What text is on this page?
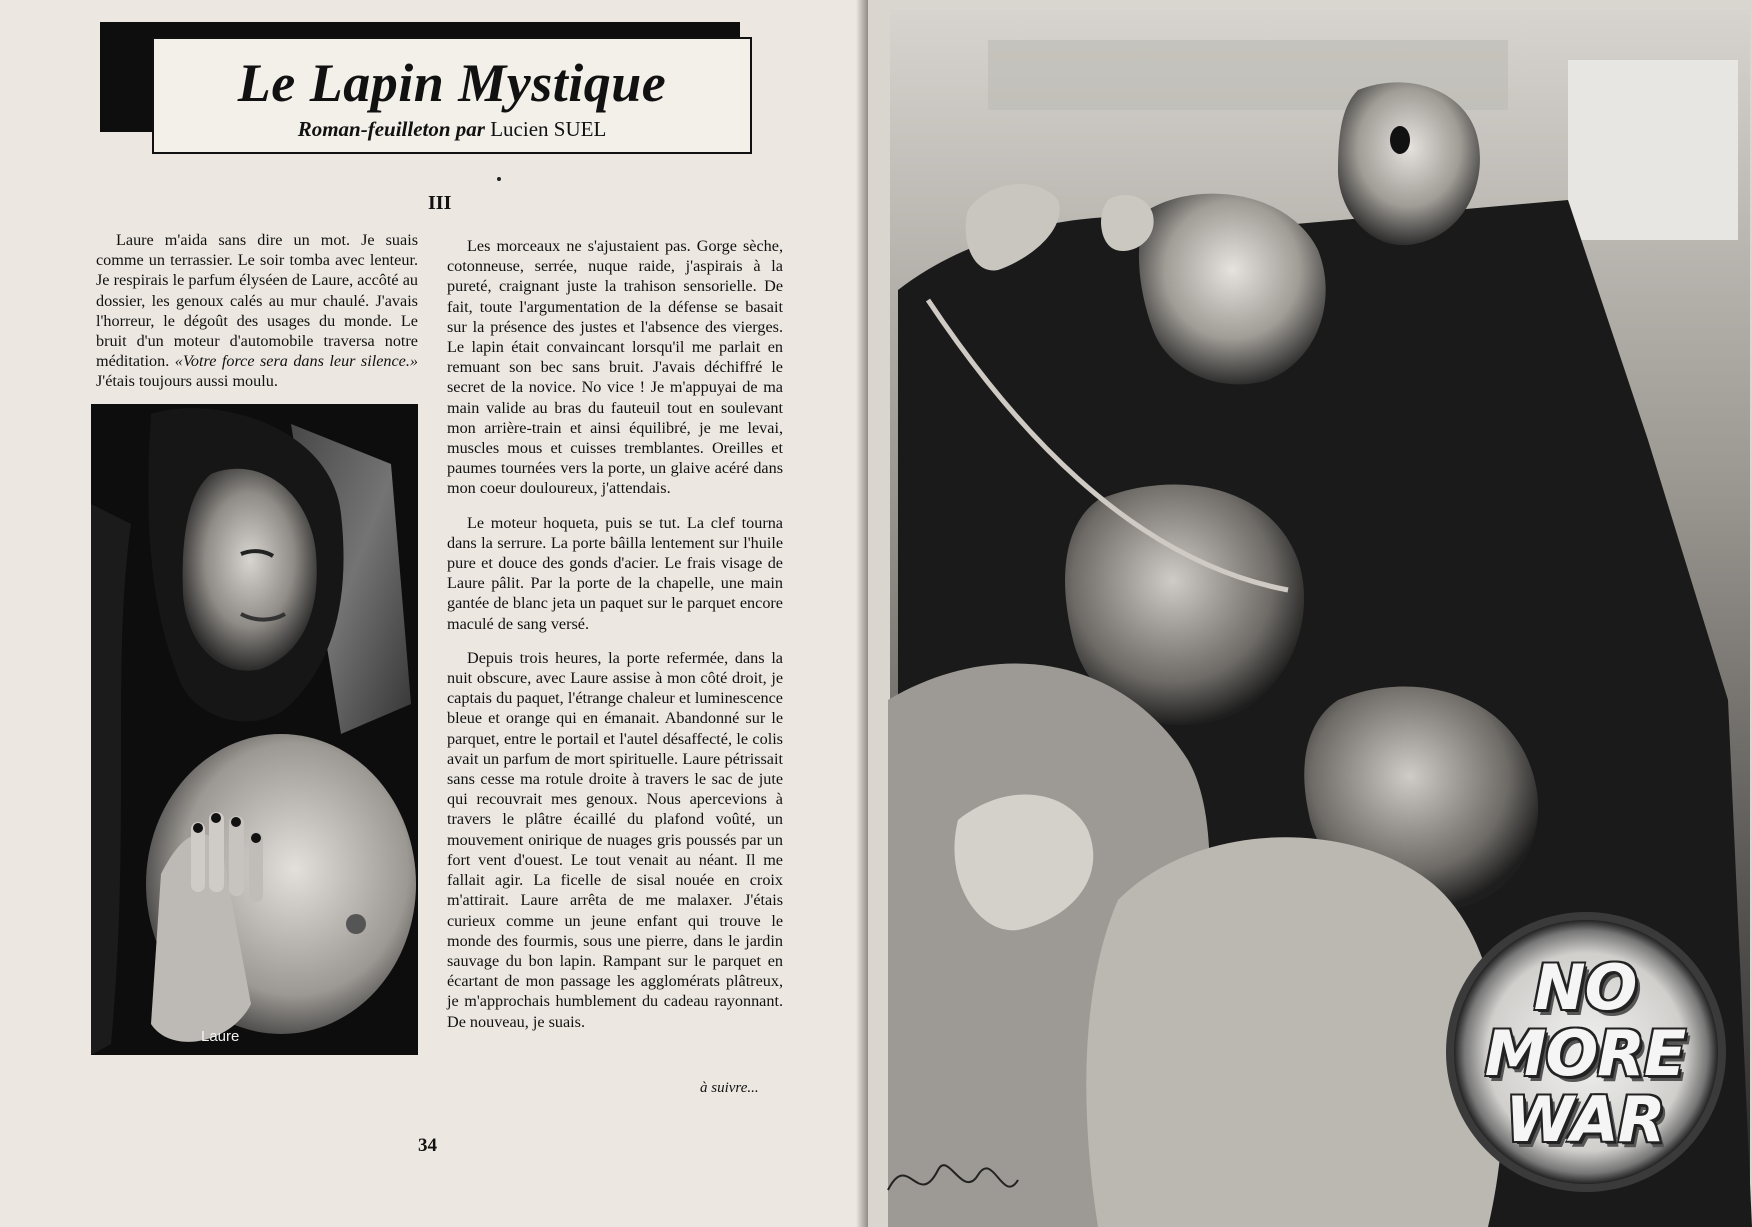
Le Lapin Mystique
Roman-feuilleton par Lucien SUEL
III

Laure m'aida sans dire un mot. Je suais comme un terrassier. Le soir tomba avec lenteur. Je respirais le parfum élyséen de Laure, accôté au dossier, les genoux calés au mur chaulé. J'avais l'horreur, le dégoût des usages du monde. Le bruit d'un moteur d'automobile traversa notre méditation. «Votre force sera dans leur silence.» J'étais toujours aussi moulu.

Laure

Les morceaux ne s'ajustaient pas. Gorge sèche, cotonneuse, serrée, nuque raide, j'aspirais à la pureté, craignant juste la trahison sensorielle. De fait, toute l'argumentation de la défense se basait sur la présence des justes et l'absence des vierges. Le lapin était convaincant lorsqu'il me parlait en remuant son bec sans bruit. J'avais déchiffré le secret de la novice. No vice ! Je m'appuyai de ma main valide au bras du fauteuil tout en soulevant mon arrière-train et ainsi équilibré, je me levai, muscles mous et cuisses tremblantes. Oreilles et paumes tournées vers la porte, un glaive acéré dans mon coeur douloureux, j'attendais.

Le moteur hoqueta, puis se tut. La clef tourna dans la serrure. La porte bâilla lentement sur l'huile pure et douce des gonds d'acier. Le frais visage de Laure pâlit. Par la porte de la chapelle, une main gantée de blanc jeta un paquet sur le parquet encore maculé de sang versé.

Depuis trois heures, la porte refermée, dans la nuit obscure, avec Laure assise à mon côté droit, je captais du paquet, l'étrange chaleur et luminescence bleue et orange qui en émanait. Abandonné sur le parquet, entre le portail et l'autel désaffecté, le colis avait un parfum de mort spirituelle. Laure pétrissait sans cesse ma rotule droite à travers le sac de jute qui recouvrait mes genoux. Nous apercevions à travers le plâtre écaillé du plafond voûté, un mouvement onirique de nuages gris poussés par un fort vent d'ouest. Le tout venait au néant. Il me fallait agir. La ficelle de sisal nouée en croix m'attirait. Laure arrêta de me malaxer. J'étais curieux comme un jeune enfant qui trouve le monde des fourmis, sous une pierre, dans le jardin sauvage du bon lapin. Rampant sur le parquet en écartant de mon passage les agglomérats plâtreux, je m'approchais humblement du cadeau rayonnant. De nouveau, je suais.

à suivre...
34
NO
MORE
WAR
